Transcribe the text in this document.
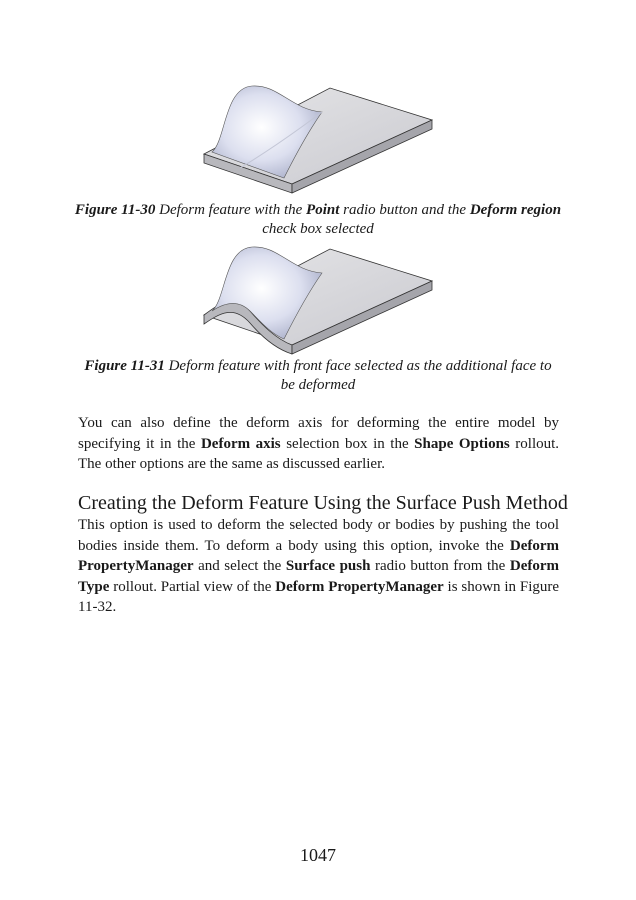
Figure 11-30 Deform feature with the Point radio button and the Deform region check box selected
Figure 11-31 Deform feature with front face selected as the additional face to be deformed

You can also define the deform axis for deforming the entire model by specifying it in the Deform axis selection box in the Shape Options rollout. The other options are the same as discussed earlier.

Creating the Deform Feature Using the Surface Push Method

This option is used to deform the selected body or bodies by pushing the tool bodies inside them. To deform a body using this option, invoke the Deform PropertyManager and select the Surface push radio button from the Deform Type rollout. Partial view of the Deform PropertyManager is shown in Figure 11-32.

1047
